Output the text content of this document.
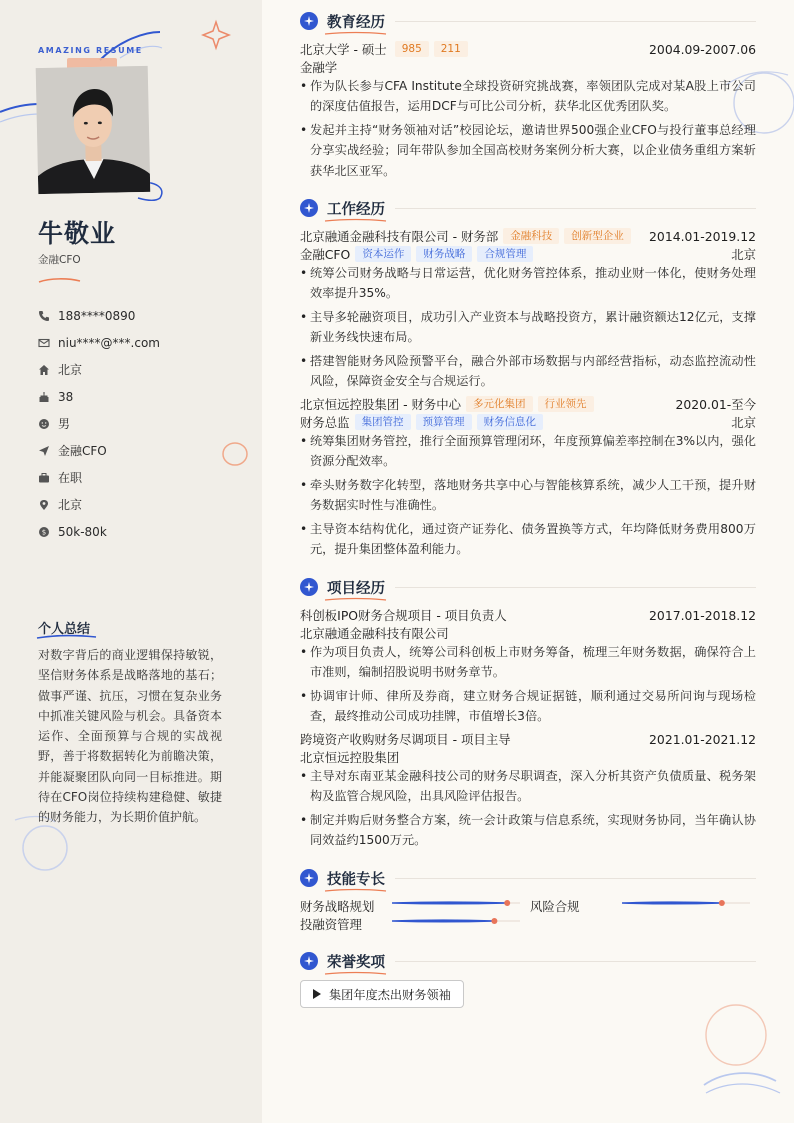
AMAZING RESUME
牛敬业
金融CFO
188****0890
niu****@***.com
北京
38
男
金融CFO
在职
北京
$ 50k-80k
个人总结
对数字背后的商业逻辑保持敏锐，坚信财务体系是战略落地的基石；做事严谨、抗压，习惯在复杂业务中抓准关键风险与机会。具备资本运作、全面预算与合规的实战视野，善于将数据转化为前瞻决策，并能凝聚团队向同一目标推进。期待在CFO岗位持续构建稳健、敏捷的财务能力，为长期价值护航。
教育经历
北京大学 - 硕士	985	211	2004.09-2007.06
金融学
• 作为队长参与CFA Institute全球投资研究挑战赛，率领团队完成对某A股上市公司的深度估值报告，运用DCF与可比公司分析，获华北区优秀团队奖。
• 发起并主持“财务领袖对话”校园论坛，邀请世界500强企业CFO与投行董事总经理分享实战经验；同年带队参加全国高校财务案例分析大赛，以企业债务重组方案斩获华北区亚军。
工作经历
北京融通金融科技有限公司 - 财务部	金融科技	创新型企业	2014.01-2019.12
金融CFO	资本运作	财务战略	合规管理	北京
• 统筹公司财务战略与日常运营，优化财务管控体系，推动业财一体化，使财务处理效率提升35%。
• 主导多轮融资项目，成功引入产业资本与战略投资方，累计融资额达12亿元，支撑新业务线快速布局。
• 搭建智能财务风险预警平台，融合外部市场数据与内部经营指标，动态监控流动性风险，保障资金安全与合规运行。
北京恒远控股集团 - 财务中心	多元化集团	行业领先	2020.01-至今
财务总监	集团管控	预算管理	财务信息化	北京
• 统筹集团财务管控，推行全面预算管理闭环，年度预算偏差率控制在3%以内，强化资源分配效率。
• 牵头财务数字化转型，落地财务共享中心与智能核算系统，减少人工干预，提升财务数据实时性与准确性。
• 主导资本结构优化，通过资产证券化、债务置换等方式，年均降低财务费用800万元，提升集团整体盈利能力。
项目经历
科创板IPO财务合规项目 - 项目负责人	2017.01-2018.12
北京融通金融科技有限公司
• 作为项目负责人，统筹公司科创板上市财务筹备，梳理三年财务数据，确保符合上市准则，编制招股说明书财务章节。
• 协调审计师、律所及券商，建立财务合规证据链，顺利通过交易所问询与现场检查，最终推动公司成功挂牌，市值增长3倍。
跨境资产收购财务尽调项目 - 项目主导	2021.01-2021.12
北京恒远控股集团
• 主导对东南亚某金融科技公司的财务尽职调查，深入分析其资产负债质量、税务架构及监管合规风险，出具风险评估报告。
• 制定并购后财务整合方案，统一会计政策与信息系统，实现财务协同，当年确认协同效益约1500万元。
技能专长
财务战略规划	风险合规
投融资管理
荣誉奖项
集团年度杰出财务领袖
